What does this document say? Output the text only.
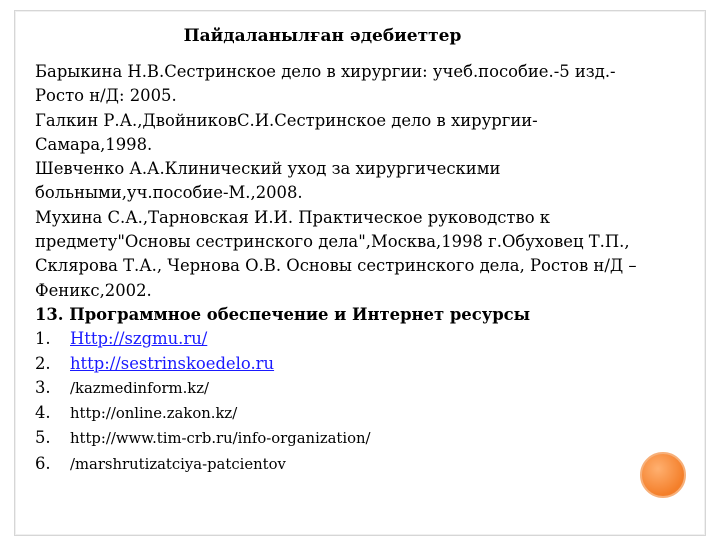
Пайдаланылған әдебиеттер
Барыкина Н.В.Сестринское дело в хирургии: учеб.пособие.-5 изд.-
Росто н/Д: 2005.
Галкин Р.А.,ДвойниковС.И.Сестринское дело в хирургии-
Самара,1998.
Шевченко А.А.Клинический уход за хирургическими
больными,уч.пособие-М.,2008.
Мухина С.А.,Тарновская И.И. Практическое руководство к
предмету"Основы сестринского дела",Москва,1998 г.Обуховец Т.П.,
Склярова Т.А., Чернова О.В. Основы сестринского дела, Ростов н/Д –
Феникс,2002.
13. Программное обеспечение и Интернет ресурсы
1. Http://szgmu.ru/
2. http://sestrinskoedelo.ru
3. /kazmedinform.kz/
4. http://online.zakon.kz/
5. http://www.tim-crb.ru/info-organization/
6. /marshrutizatciya-patcientov
